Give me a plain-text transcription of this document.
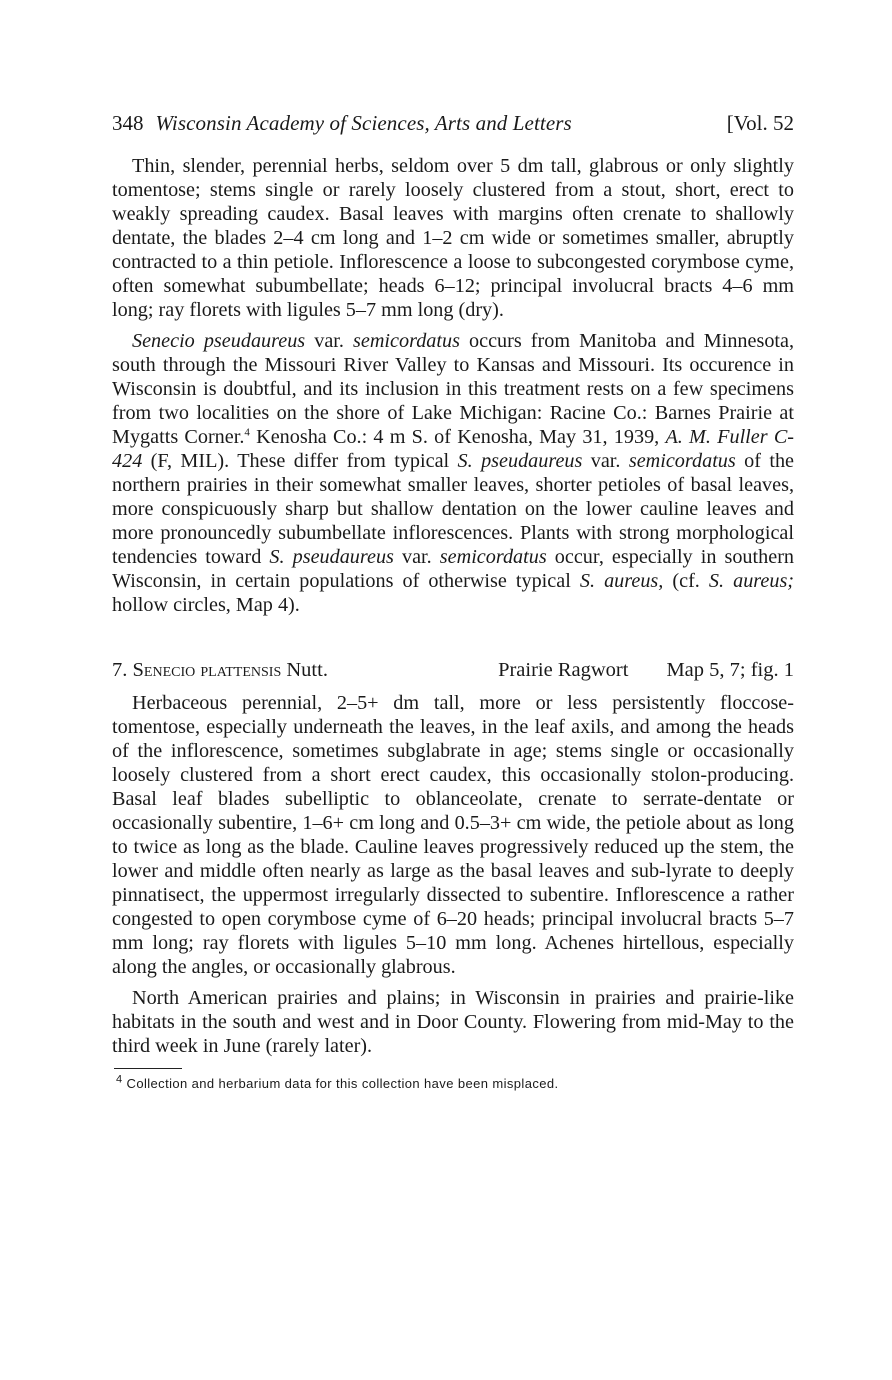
348 Wisconsin Academy of Sciences, Arts and Letters	[Vol. 52

Thin, slender, perennial herbs, seldom over 5 dm tall, glabrous or only slightly tomentose; stems single or rarely loosely clustered from a stout, short, erect to weakly spreading caudex. Basal leaves with margins often crenate to shallowly dentate, the blades 2–4 cm long and 1–2 cm wide or sometimes smaller, abruptly contracted to a thin petiole. Inflorescence a loose to subcongested corymbose cyme, often somewhat subumbellate; heads 6–12; principal involucral bracts 4–6 mm long; ray florets with ligules 5–7 mm long (dry).

Senecio pseudaureus var. semicordatus occurs from Manitoba and Minnesota, south through the Missouri River Valley to Kansas and Missouri. Its occurence in Wisconsin is doubtful, and its inclusion in this treatment rests on a few specimens from two localities on the shore of Lake Michigan: Racine Co.: Barnes Prairie at Mygatts Corner.$^4$ Kenosha Co.: 4 m S. of Kenosha, May 31, 1939, A. M. Fuller C-424 (F, MIL). These differ from typical S. pseudaureus var. semicordatus of the northern prairies in their somewhat smaller leaves, shorter petioles of basal leaves, more conspicuously sharp but shallow dentation on the lower cauline leaves and more pronouncedly subumbellate inflorescences. Plants with strong morphological tendencies toward S. pseudaureus var. semicordatus occur, especially in southern Wisconsin, in certain populations of otherwise typical S. aureus, (cf. S. aureus; hollow circles, Map 4).

7. Senecio plattensis Nutt.	Prairie Ragwort Map 5, 7; fig. 1

Herbaceous perennial, 2–5+ dm tall, more or less persistently floccose-tomentose, especially underneath the leaves, in the leaf axils, and among the heads of the inflorescence, sometimes subglabrate in age; stems single or occasionally loosely clustered from a short erect caudex, this occasionally stolon-producing. Basal leaf blades subelliptic to oblanceolate, crenate to serrate-dentate or occasionally subentire, 1–6+ cm long and 0.5–3+ cm wide, the petiole about as long to twice as long as the blade. Cauline leaves progressively reduced up the stem, the lower and middle often nearly as large as the basal leaves and sub-lyrate to deeply pinnatisect, the uppermost irregularly dissected to subentire. Inflorescence a rather congested to open corymbose cyme of 6–20 heads; principal involucral bracts 5–7 mm long; ray florets with ligules 5–10 mm long. Achenes hirtellous, especially along the angles, or occasionally glabrous.

North American prairies and plains; in Wisconsin in prairies and prairie-like habitats in the south and west and in Door County. Flowering from mid-May to the third week in June (rarely later).

$^4$ Collection and herbarium data for this collection have been misplaced.
